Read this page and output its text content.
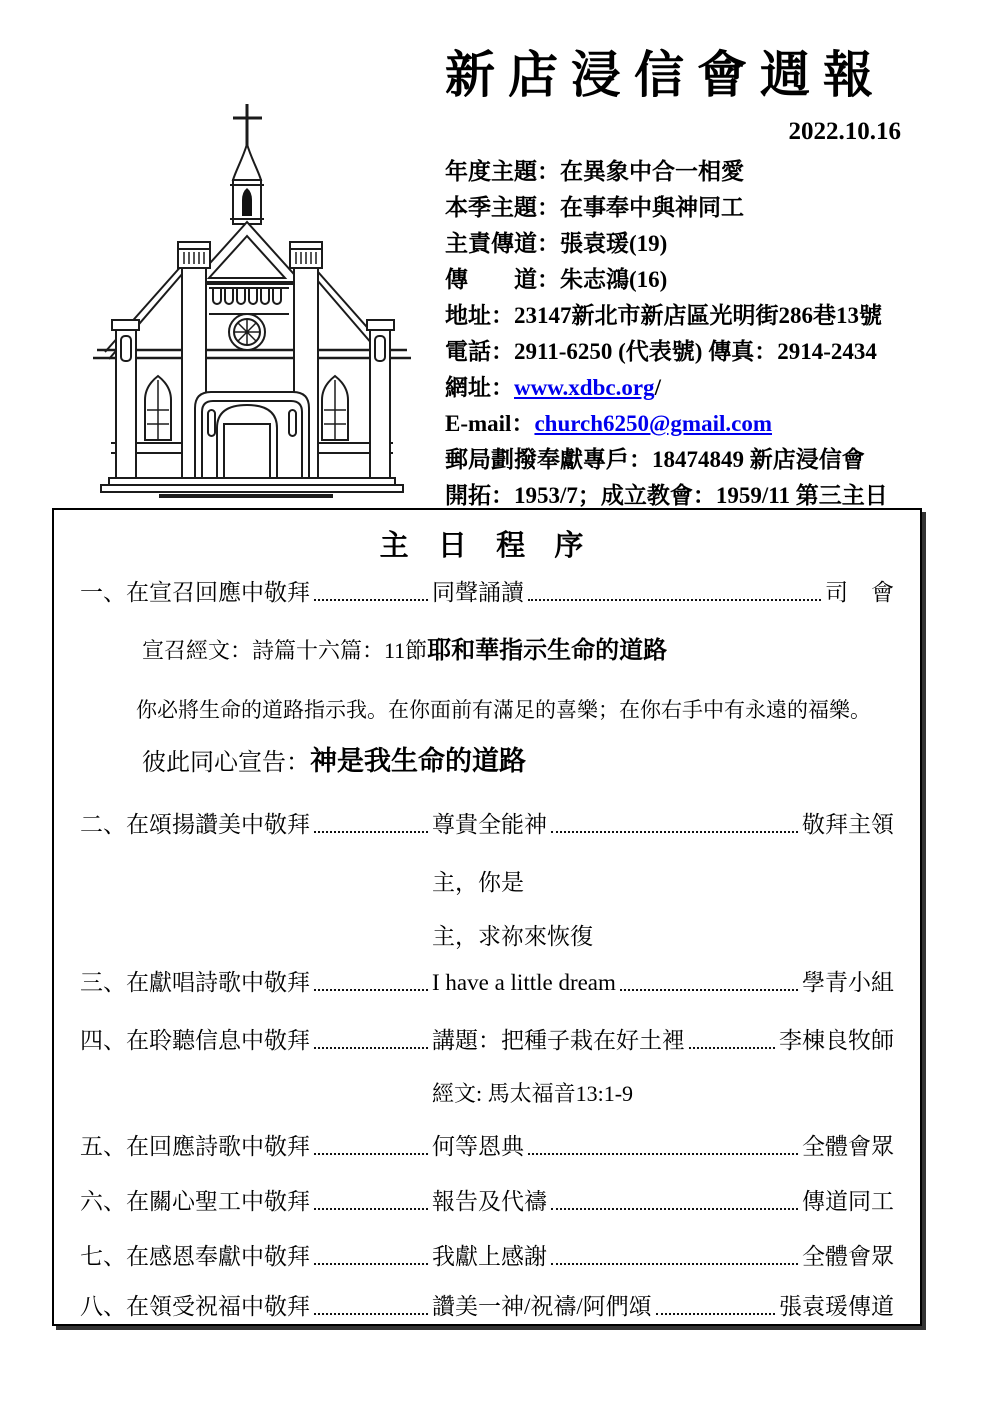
新店浸信會週報
2022.10.16
年度主題：在異象中合一相愛
本季主題：在事奉中與神同工
主責傳道：張袁瑗(19)
傳　　道：朱志鴻(16)
地址：23147新北市新店區光明街286巷13號
電話：2911-6250 (代表號) 傳真：2914-2434
網址：www.xdbc.org/
E-mail：church6250@gmail.com
郵局劃撥奉獻專戶：18474849 新店浸信會
開拓：1953/7；成立教會：1959/11 第三主日
主 日 程 序
一、在宣召回應中敬拜	同聲誦讀	司　會
宣召經文：詩篇十六篇：11節耶和華指示生命的道路
你必將生命的道路指示我。在你面前有滿足的喜樂；在你右手中有永遠的福樂。
彼此同心宣告：神是我生命的道路
二、在頌揚讚美中敬拜	尊貴全能神	敬拜主領
主，你是
主，求祢來恢復
三、在獻唱詩歌中敬拜	I have a little dream	學青小組
四、在聆聽信息中敬拜	講題：把種子栽在好土裡	李棟良牧師
經文: 馬太福音13:1-9
五、在回應詩歌中敬拜	何等恩典	全體會眾
六、在關心聖工中敬拜	報告及代禱	傳道同工
七、在感恩奉獻中敬拜	我獻上感謝	全體會眾
八、在領受祝福中敬拜	讚美一神/祝禱/阿們頌	張袁瑗傳道
